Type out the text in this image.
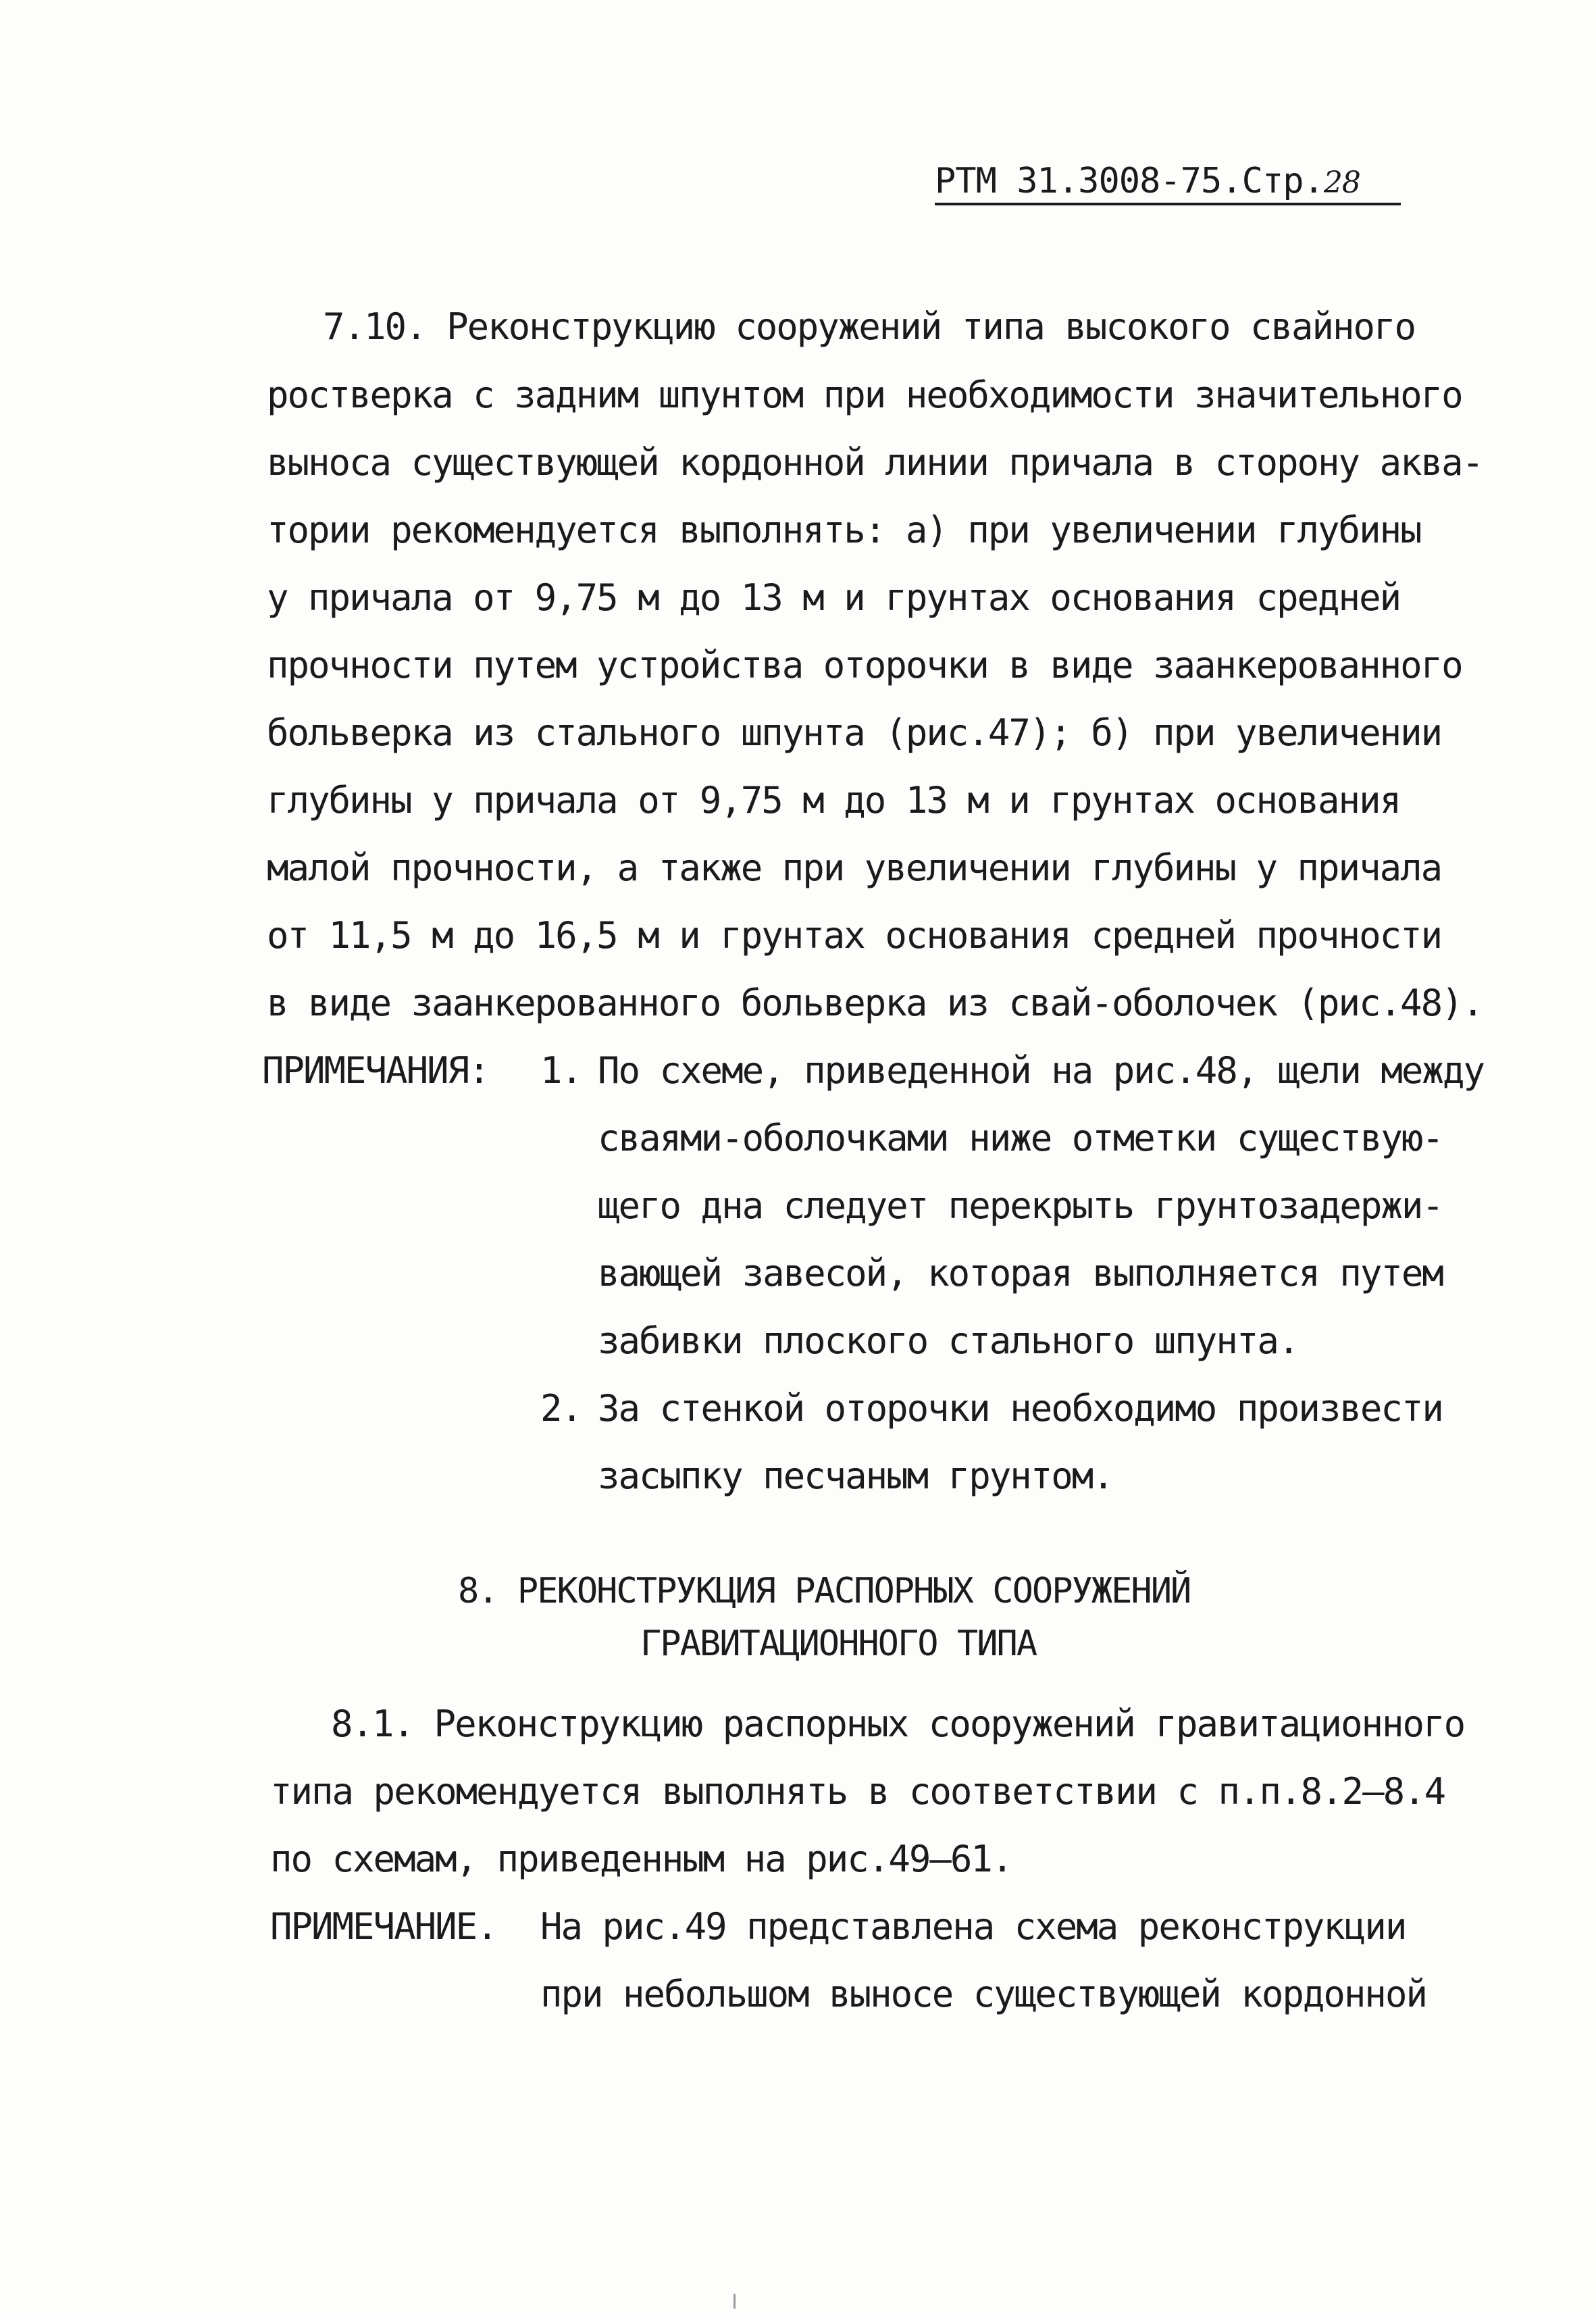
РТМ 31.3008-75.Стр.28
7.10. Реконструкцию сооружений типа высокого свайного
ростверка с задним шпунтом при необходимости значительного
выноса существующей кордонной линии причала в сторону аква-
тории рекомендуется выполнять: а) при увеличении глубины
у причала от 9,75 м до 13 м и грунтах основания средней
прочности путем устройства оторочки в виде заанкерованного
больверка из стального шпунта (рис.47); б) при увеличении
глубины у причала от 9,75 м до 13 м и грунтах основания
малой прочности, а также при увеличении глубины у причала
от 11,5 м до 16,5 м и грунтах основания средней прочности
в виде заанкерованного больверка из свай-оболочек (рис.48).
ПРИМЕЧАНИЯ: 1. По схеме, приведенной на рис.48, щели между
сваями-оболочками ниже отметки существую-
щего дна следует перекрыть грунтозадержи-
вающей завесой, которая выполняется путем
забивки плоского стального шпунта.
2. За стенкой оторочки необходимо произвести
засыпку песчаным грунтом.
8. РЕКОНСТРУКЦИЯ РАСПОРНЫХ СООРУЖЕНИЙ
ГРАВИТАЦИОННОГО ТИПА
8.1. Реконструкцию распорных сооружений гравитационного
типа рекомендуется выполнять в соответствии с п.п.8.2–8.4
по схемам, приведенным на рис.49–61.
ПРИМЕЧАНИЕ. На рис.49 представлена схема реконструкции
при небольшом выносе существующей кордонной
